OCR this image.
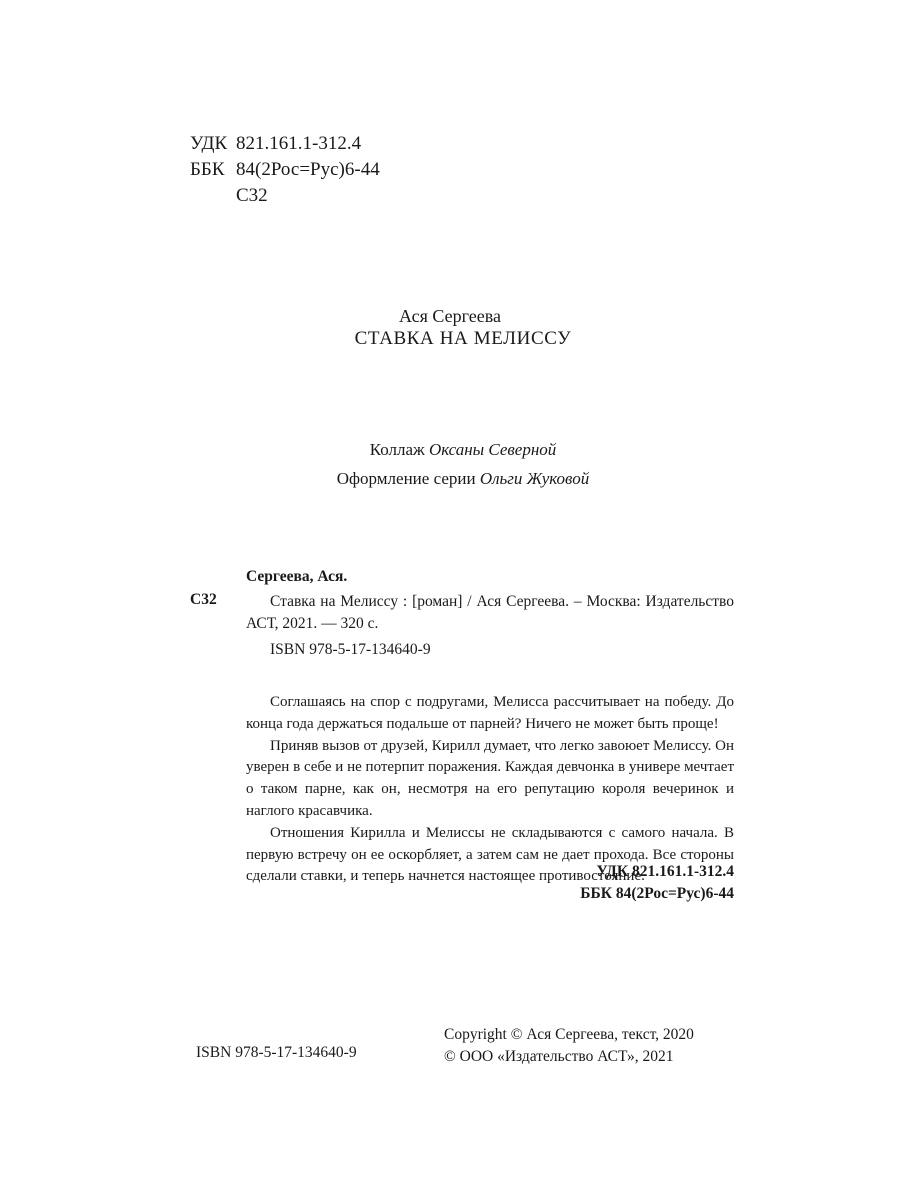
УДК 821.161.1-312.4
ББК 84(2Рос=Рус)6-44
С32
Ася Сергеева
СТАВКА НА МЕЛИССУ
Коллаж Оксаны Северной
Оформление серии Ольги Жуковой
Сергеева, Ася.
С32	Ставка на Мелиссу : [роман] / Ася Сергеева. – Москва: Издательство АСТ, 2021. — 320 с.
ISBN 978-5-17-134640-9

Соглашаясь на спор с подругами, Мелисса рассчитывает на победу. До конца года держаться подальше от парней? Ничего не может быть проще!

Приняв вызов от друзей, Кирилл думает, что легко завоюет Мелиссу. Он уверен в себе и не потерпит поражения. Каждая девчонка в универе мечтает о таком парне, как он, несмотря на его репутацию короля вечеринок и наглого красавчика.

Отношения Кирилла и Мелиссы не складываются с самого начала. В первую встречу он ее оскорбляет, а затем сам не дает прохода. Все стороны сделали ставки, и теперь начнется настоящее противостояние.

УДК 821.161.1-312.4
ББК 84(2Рос=Рус)6-44
ISBN 978-5-17-134640-9
Copyright © Ася Сергеева, текст, 2020
© ООО «Издательство АСТ», 2021
